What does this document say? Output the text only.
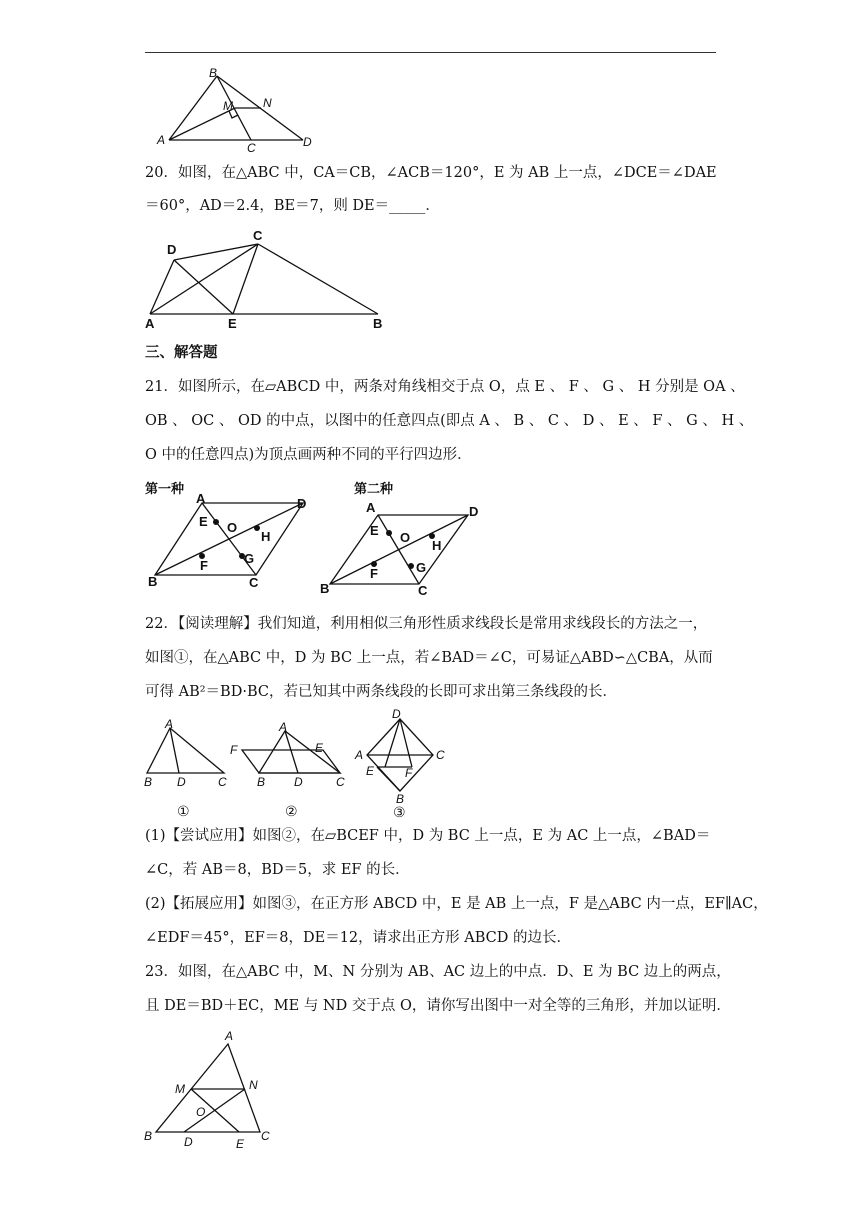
B
M	N
A
C	D
20．如图，在△ABC 中，CA＝CB，∠ACB＝120°，E 为 AB 上一点，∠DCE＝∠DAE
＝60°，AD＝2.4，BE＝7，则 DE＝_____．
D
C
A	E	B
三、解答题
21．如图所示，在▱ABCD 中，两条对角线相交于点 O，点 E 、 F 、 G 、 H 分别是 OA 、
OB 、 OC 、 OD 的中点，以图中的任意四点(即点 A 、 B 、 C 、 D 、 E 、 F 、 G 、 H 、
O 中的任意四点)为顶点画两种不同的平行四边形．
第一种
A	D
E O
H
F	G
B	C
第二种
A	D
E O
H
F	G
B	C
22．【阅读理解】我们知道，利用相似三角形性质求线段长是常用求线段长的方法之一，
如图①，在△ABC 中，D 为 BC 上一点，若∠BAD＝∠C，可易证△ABD∽△CBA，从而
可得 AB²＝BD·BC，若已知其中两条线段的长即可求出第三条线段的长．
A
B D	C
①
A
F	E
B D	C
②
D
A	C
E	F
B
③
(1)【尝试应用】如图②，在▱BCEF 中，D 为 BC 上一点，E 为 AC 上一点，∠BAD＝
∠C，若 AB＝8，BD＝5，求 EF 的长．
(2)【拓展应用】如图③，在正方形 ABCD 中，E 是 AB 上一点，F 是△ABC 内一点，EF∥AC，
∠EDF＝45°，EF＝8，DE＝12，请求出正方形 ABCD 的边长．
23．如图，在△ABC 中，M、N 分别为 AB、AC 边上的中点．D、E 为 BC 边上的两点，
且 DE＝BD＋EC，ME 与 ND 交于点 O，请你写出图中一对全等的三角形，并加以证明．
A
M	N
O
B	D	E
C
